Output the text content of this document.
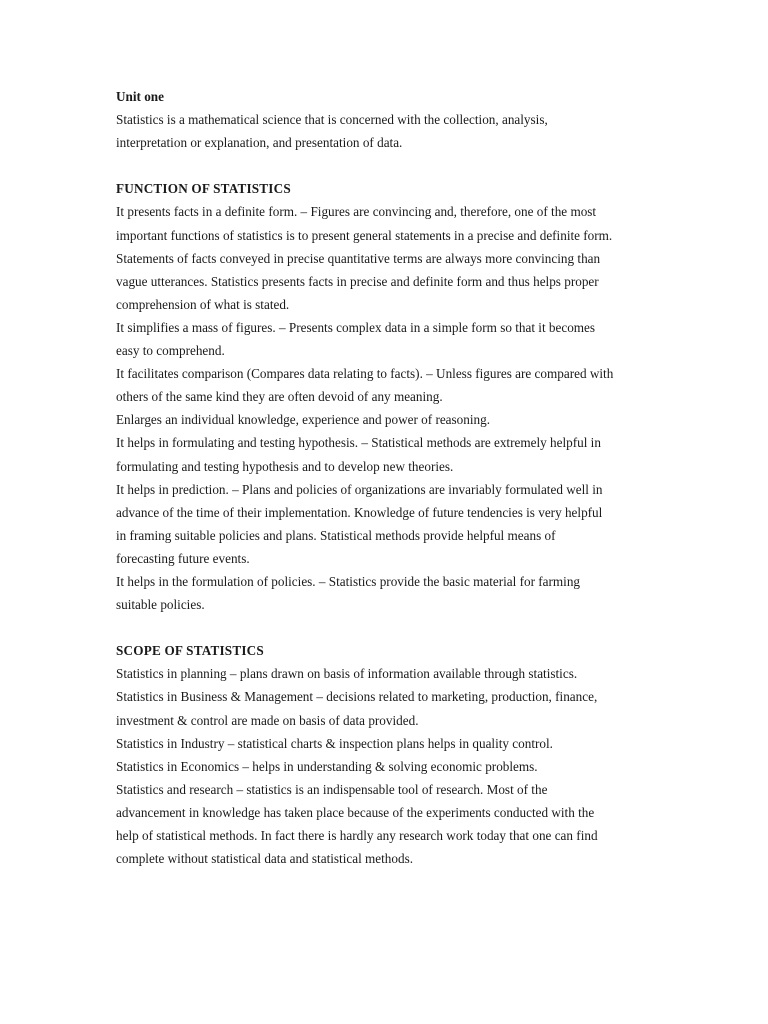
Unit one
Statistics is a mathematical science that is concerned with the collection, analysis,
interpretation or explanation, and presentation of data.
FUNCTION OF STATISTICS
It presents facts in a definite form. – Figures are convincing and, therefore, one of the most
important functions of statistics is to present general statements in a precise and definite form.
Statements of facts conveyed in precise quantitative terms are always more convincing than
vague utterances. Statistics presents facts in precise and definite form and thus helps proper
comprehension of what is stated.
It simplifies a mass of figures. – Presents complex data in a simple form so that it becomes
easy to comprehend.
It facilitates comparison (Compares data relating to facts). – Unless figures are compared with
others of the same kind they are often devoid of any meaning.
Enlarges an individual knowledge, experience and power of reasoning.
It helps in formulating and testing hypothesis. – Statistical methods are extremely helpful in
formulating and testing hypothesis and to develop new theories.
It helps in prediction. – Plans and policies of organizations are invariably formulated well in
advance of the time of their implementation. Knowledge of future tendencies is very helpful
in framing suitable policies and plans. Statistical methods provide helpful means of
forecasting future events.
It helps in the formulation of policies. – Statistics provide the basic material for farming
suitable policies.
SCOPE OF STATISTICS
Statistics in planning – plans drawn on basis of information available through statistics.
Statistics in Business & Management – decisions related to marketing, production, finance,
investment & control are made on basis of data provided.
Statistics in Industry – statistical charts & inspection plans helps in quality control.
Statistics in Economics – helps in understanding & solving economic problems.
Statistics and research – statistics is an indispensable tool of research. Most of the
advancement in knowledge has taken place because of the experiments conducted with the
help of statistical methods. In fact there is hardly any research work today that one can find
complete without statistical data and statistical methods.
